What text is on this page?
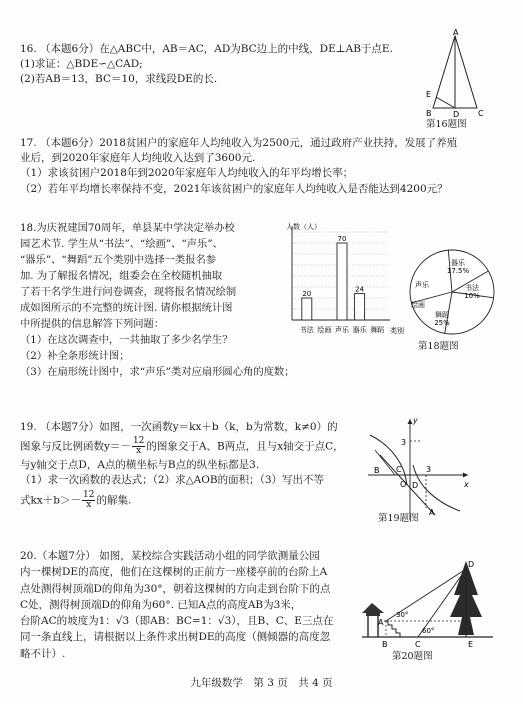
16. （本题6分）在△ABC中，AB＝AC，AD为BC边上的中线，DE⊥AB于点E.
(1)求证：△BDE∽△CAD;
(2)若AB＝13，BC＝10，求线段DE的长.
A
B	D C
E
第16题图
17. （本题6分）2018贫困户的家庭年人均纯收入为2500元，通过政府产业扶持，发展了养殖
业后，到2020年家庭年人均纯收入达到了3600元.
（1）求该贫困户2018年到2020年家庭年人均纯收入的年平均增长率；
（2）若年平均增长率保持不变，2021年该贫困户的家庭年人均纯收入是否能达到4200元？
18.为庆祝建国70周年，单县某中学决定举办校
园艺术节. 学生从“书法”、“绘画”、“声乐”、
“器乐”、“舞蹈”五个类别中选择一类报名参
加. 为了解报名情况，组委会在全校随机抽取
了若干名学生进行问卷调查，现将报名情况绘制
成如图所示的不完整的统计图. 请你根据统计图
中所提供的信息解答下列问题：
（1）在这次调查中，一共抽取了多少名学生？
（2）补全条形统计图；
（3）在扇形统计图中，求“声乐”类对应扇形圆心角的度数；
人数（人）
类别
书法
20
绘画 声乐
70
器乐
24
舞蹈
器乐
17.5%
书法
10%
声乐
舞蹈
25%
绘画
第18题图
19. （本题7分）如图，一次函数y＝kx＋b（k，b为常数，k≠0）的
图象与反比例函数$y=- \frac{12}{x}$ 的图象交于A、B两点，且与x轴交于点C，
与y轴交于点D，A点的横坐标与B点的纵坐标都是3.
（1）求一次函数的表达式；（2）求△AOB的面积；（3）写出不等
式$kx+b>- \frac{12}{x}$ 的解集.
y
x
3
3
B C
O D
A
第19题图
20.（本题7分） 如图，某校综合实践活动小组的同学欲测量公园
内一棵树DE的高度，他们在这棵树的正前方一座楼亭前的台阶上A
点处测得树顶端D的仰角为30°，朝着这棵树的方向走到台阶下的点
C处，测得树顶端D的仰角为60°. 已知A点的高度AB为3米，
台阶AC的坡度为1：√3（即AB：BC=1：√3），且B、C、E三点在
同一条直线上，请根据以上条件求出树DE的高度（侧倾器的高度忽
略不计）.
D
A
B	C	E
30°
60°
第20题图
九年级数学　第 3 页　共 4 页
